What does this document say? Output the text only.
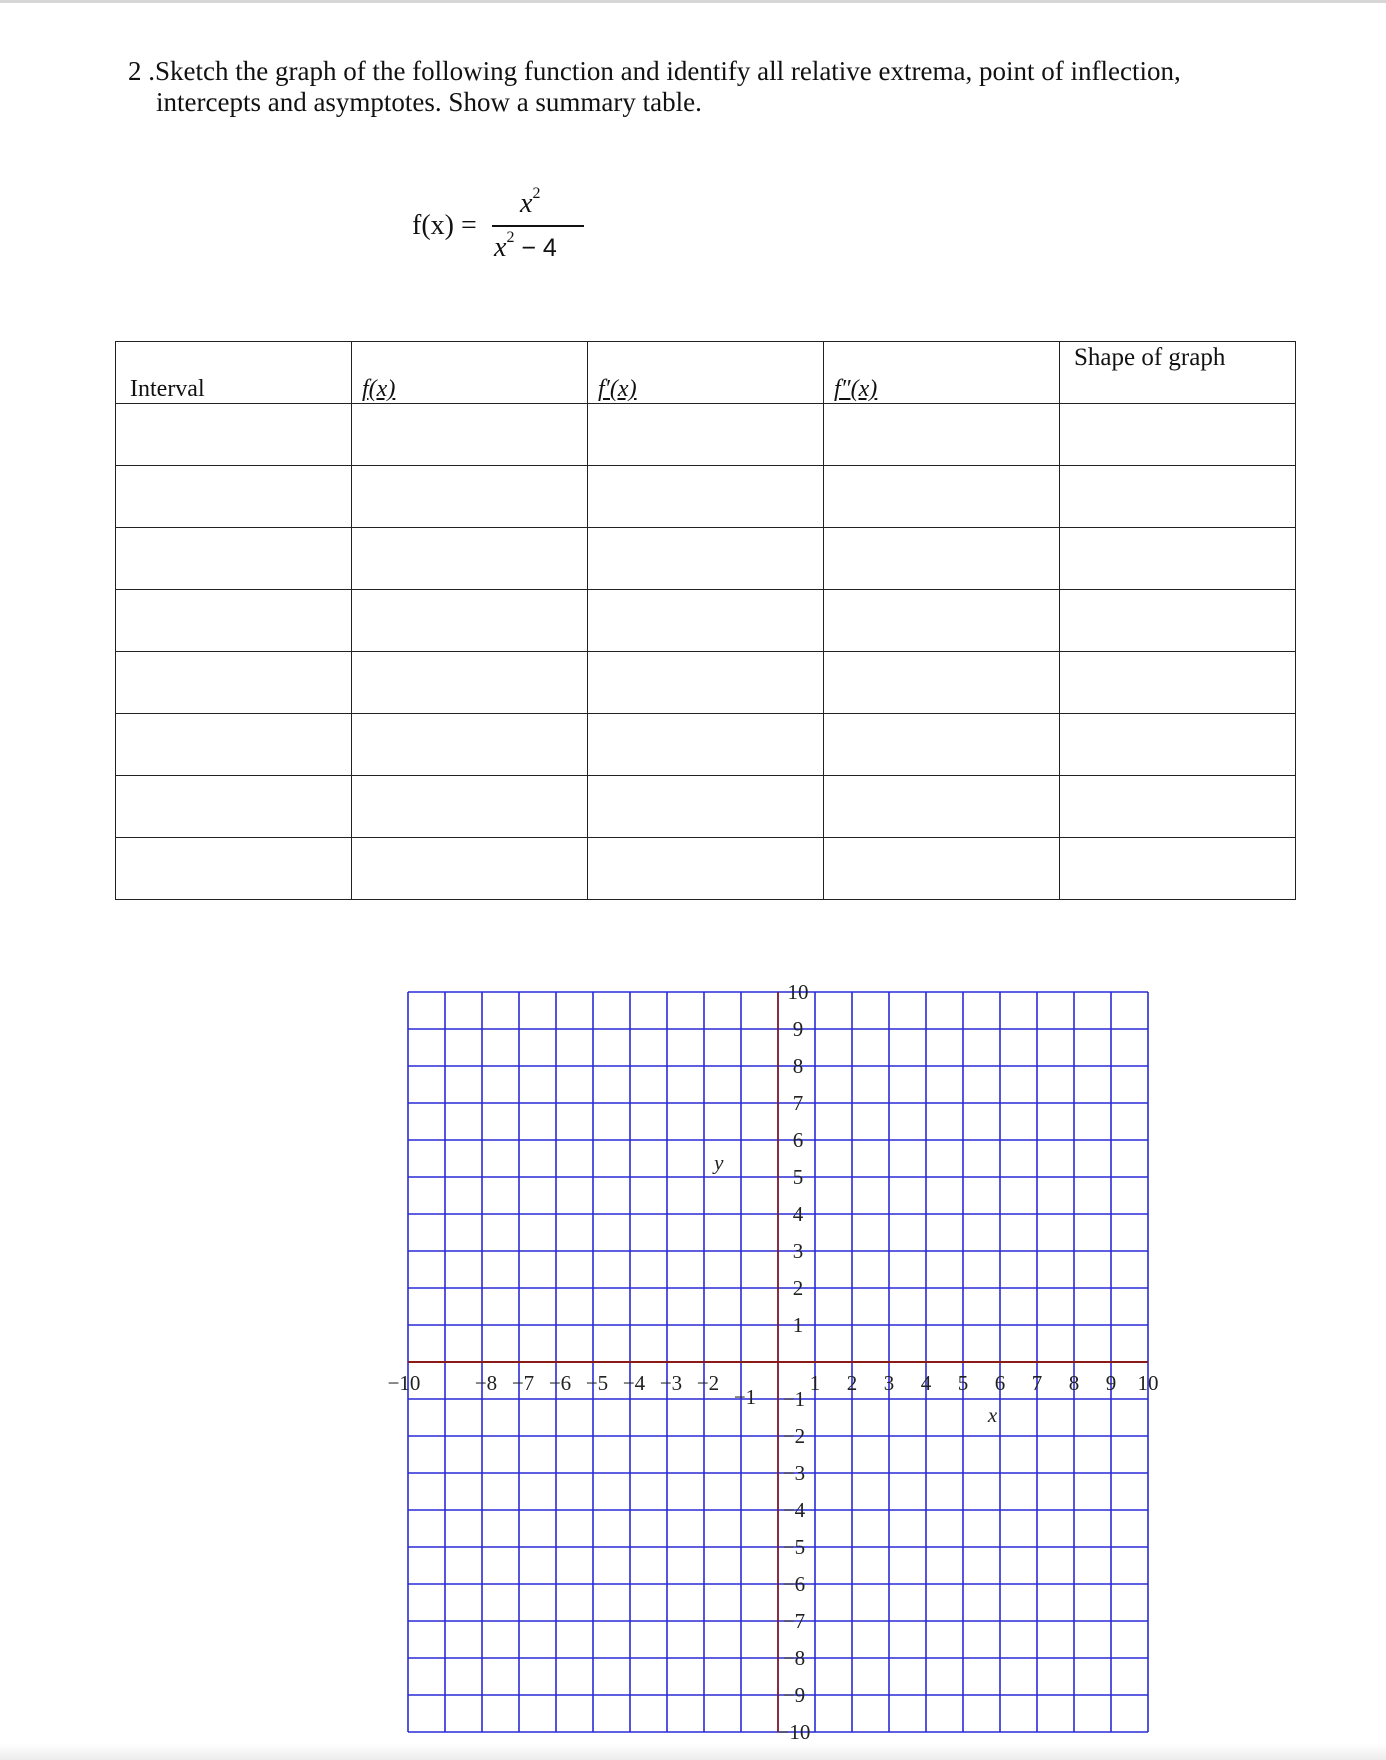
2 .Sketch the graph of the following function and identify all relative extrema, point of inflection,
intercepts and asymptotes. Show a summary table.
f(x) =
$x^2$
$x^2 - 4$
Interval	f(x)	f′(x)	f″(x)	Shape of graph

1
2
3
4
5
6
7
8
9
10
−1
−2
−3
−4
−5
−6
−7
−8
−9
−10
1 2 3 4 5 6 7 8 9 10
−10	−8 −7 −6 −5 −4 −3 −2
−1
x
y
